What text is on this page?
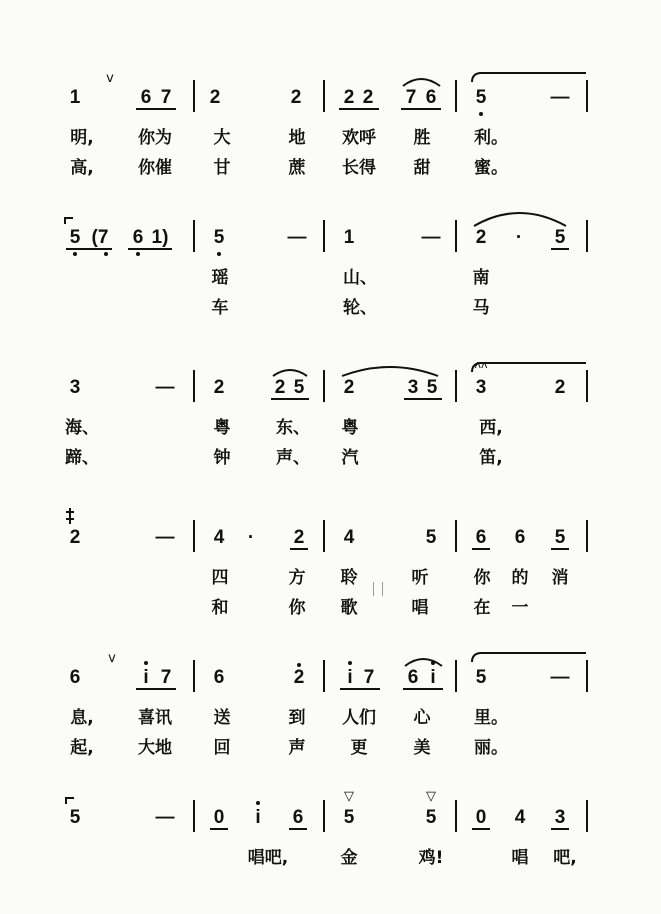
v
1	6 7 2	2 2 2 7 6 5	—
明,	你为 大	地 欢呼 胜	利。
高,	你催 甘	蔗 长得 甜	蜜。
5 (7 6 1) 5	— 1	— 2 · 5
瑶	山、	南
车	轮、	马
3	— 2	2 5 2	3 5 3	2
海、	粤	东、 粤	西,
蹄、	钟	声、 汽	笛,
2	— 4 · 2 4	5 6 6 5
四	方 聆	听	你 的 消
和	你 歌	唱	在 一
v
6	i 7 6	2 i 7 6 i 5	—
息,	喜讯 送	到 人们 心	里。
起,	大地 回	声	更	美	丽。
5	— 0 i 6
▽
5
▽
5 0 4 3
唱吧,	金	鸡!	唱 吧,
ʌʌ
